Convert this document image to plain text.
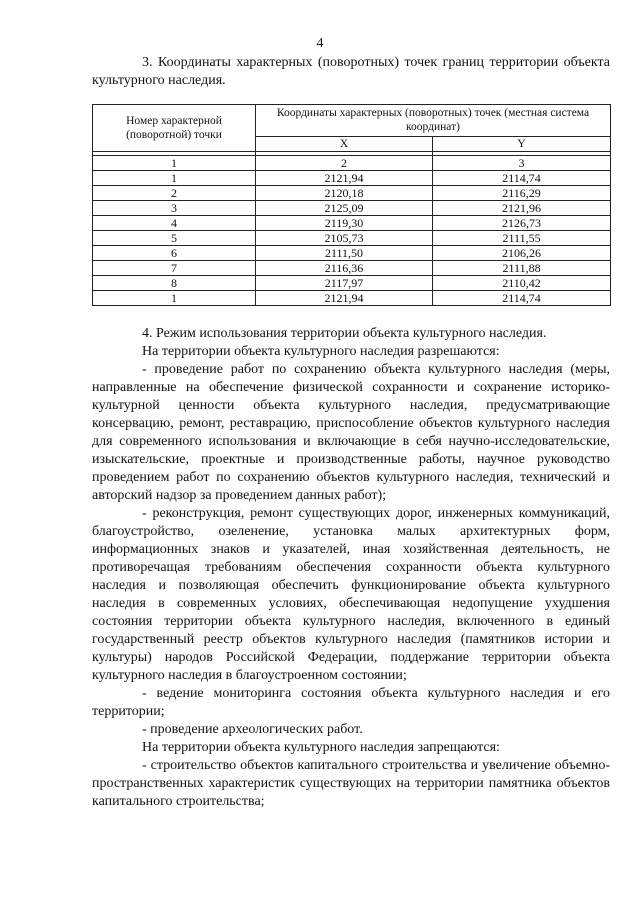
4

3. Координаты характерных (поворотных) точек границ территории объекта культурного наследия.

Номер характерной (поворотной) точки	Координаты характерных (поворотных) точек (местная система координат)	
	X	Y

1	2	3
1	2121,94	2114,74
2	2120,18	2116,29
3	2125,09	2121,96
4	2119,30	2126,73
5	2105,73	2111,55
6	2111,50	2106,26
7	2116,36	2111,88
8	2117,97	2110,42
1	2121,94	2114,74

4. Режим использования территории объекта культурного наследия.

На территории объекта культурного наследия разрешаются:

- проведение работ по сохранению объекта культурного наследия (меры, направленные на обеспечение физической сохранности и сохранение историко-культурной ценности объекта культурного наследия, предусматривающие консервацию, ремонт, реставрацию, приспособление объектов культурного наследия для современного использования и включающие в себя научно-исследовательские, изыскательские, проектные и производственные работы, научное руководство проведением работ по сохранению объектов культурного наследия, технический и авторский надзор за проведением данных работ);

- реконструкция, ремонт существующих дорог, инженерных коммуникаций, благоустройство, озеленение, установка малых архитектурных форм, информационных знаков и указателей, иная хозяйственная деятельность, не противоречащая требованиям обеспечения сохранности объекта культурного наследия и позволяющая обеспечить функционирование объекта культурного наследия в современных условиях, обеспечивающая недопущение ухудшения состояния территории объекта культурного наследия, включенного в единый государственный реестр объектов культурного наследия (памятников истории и культуры) народов Российской Федерации, поддержание территории объекта культурного наследия в благоустроенном состоянии;

- ведение мониторинга состояния объекта культурного наследия и его территории;

- проведение археологических работ.

На территории объекта культурного наследия запрещаются:

- строительство объектов капитального строительства и увеличение объемно-пространственных характеристик существующих на территории памятника объектов капитального строительства;
